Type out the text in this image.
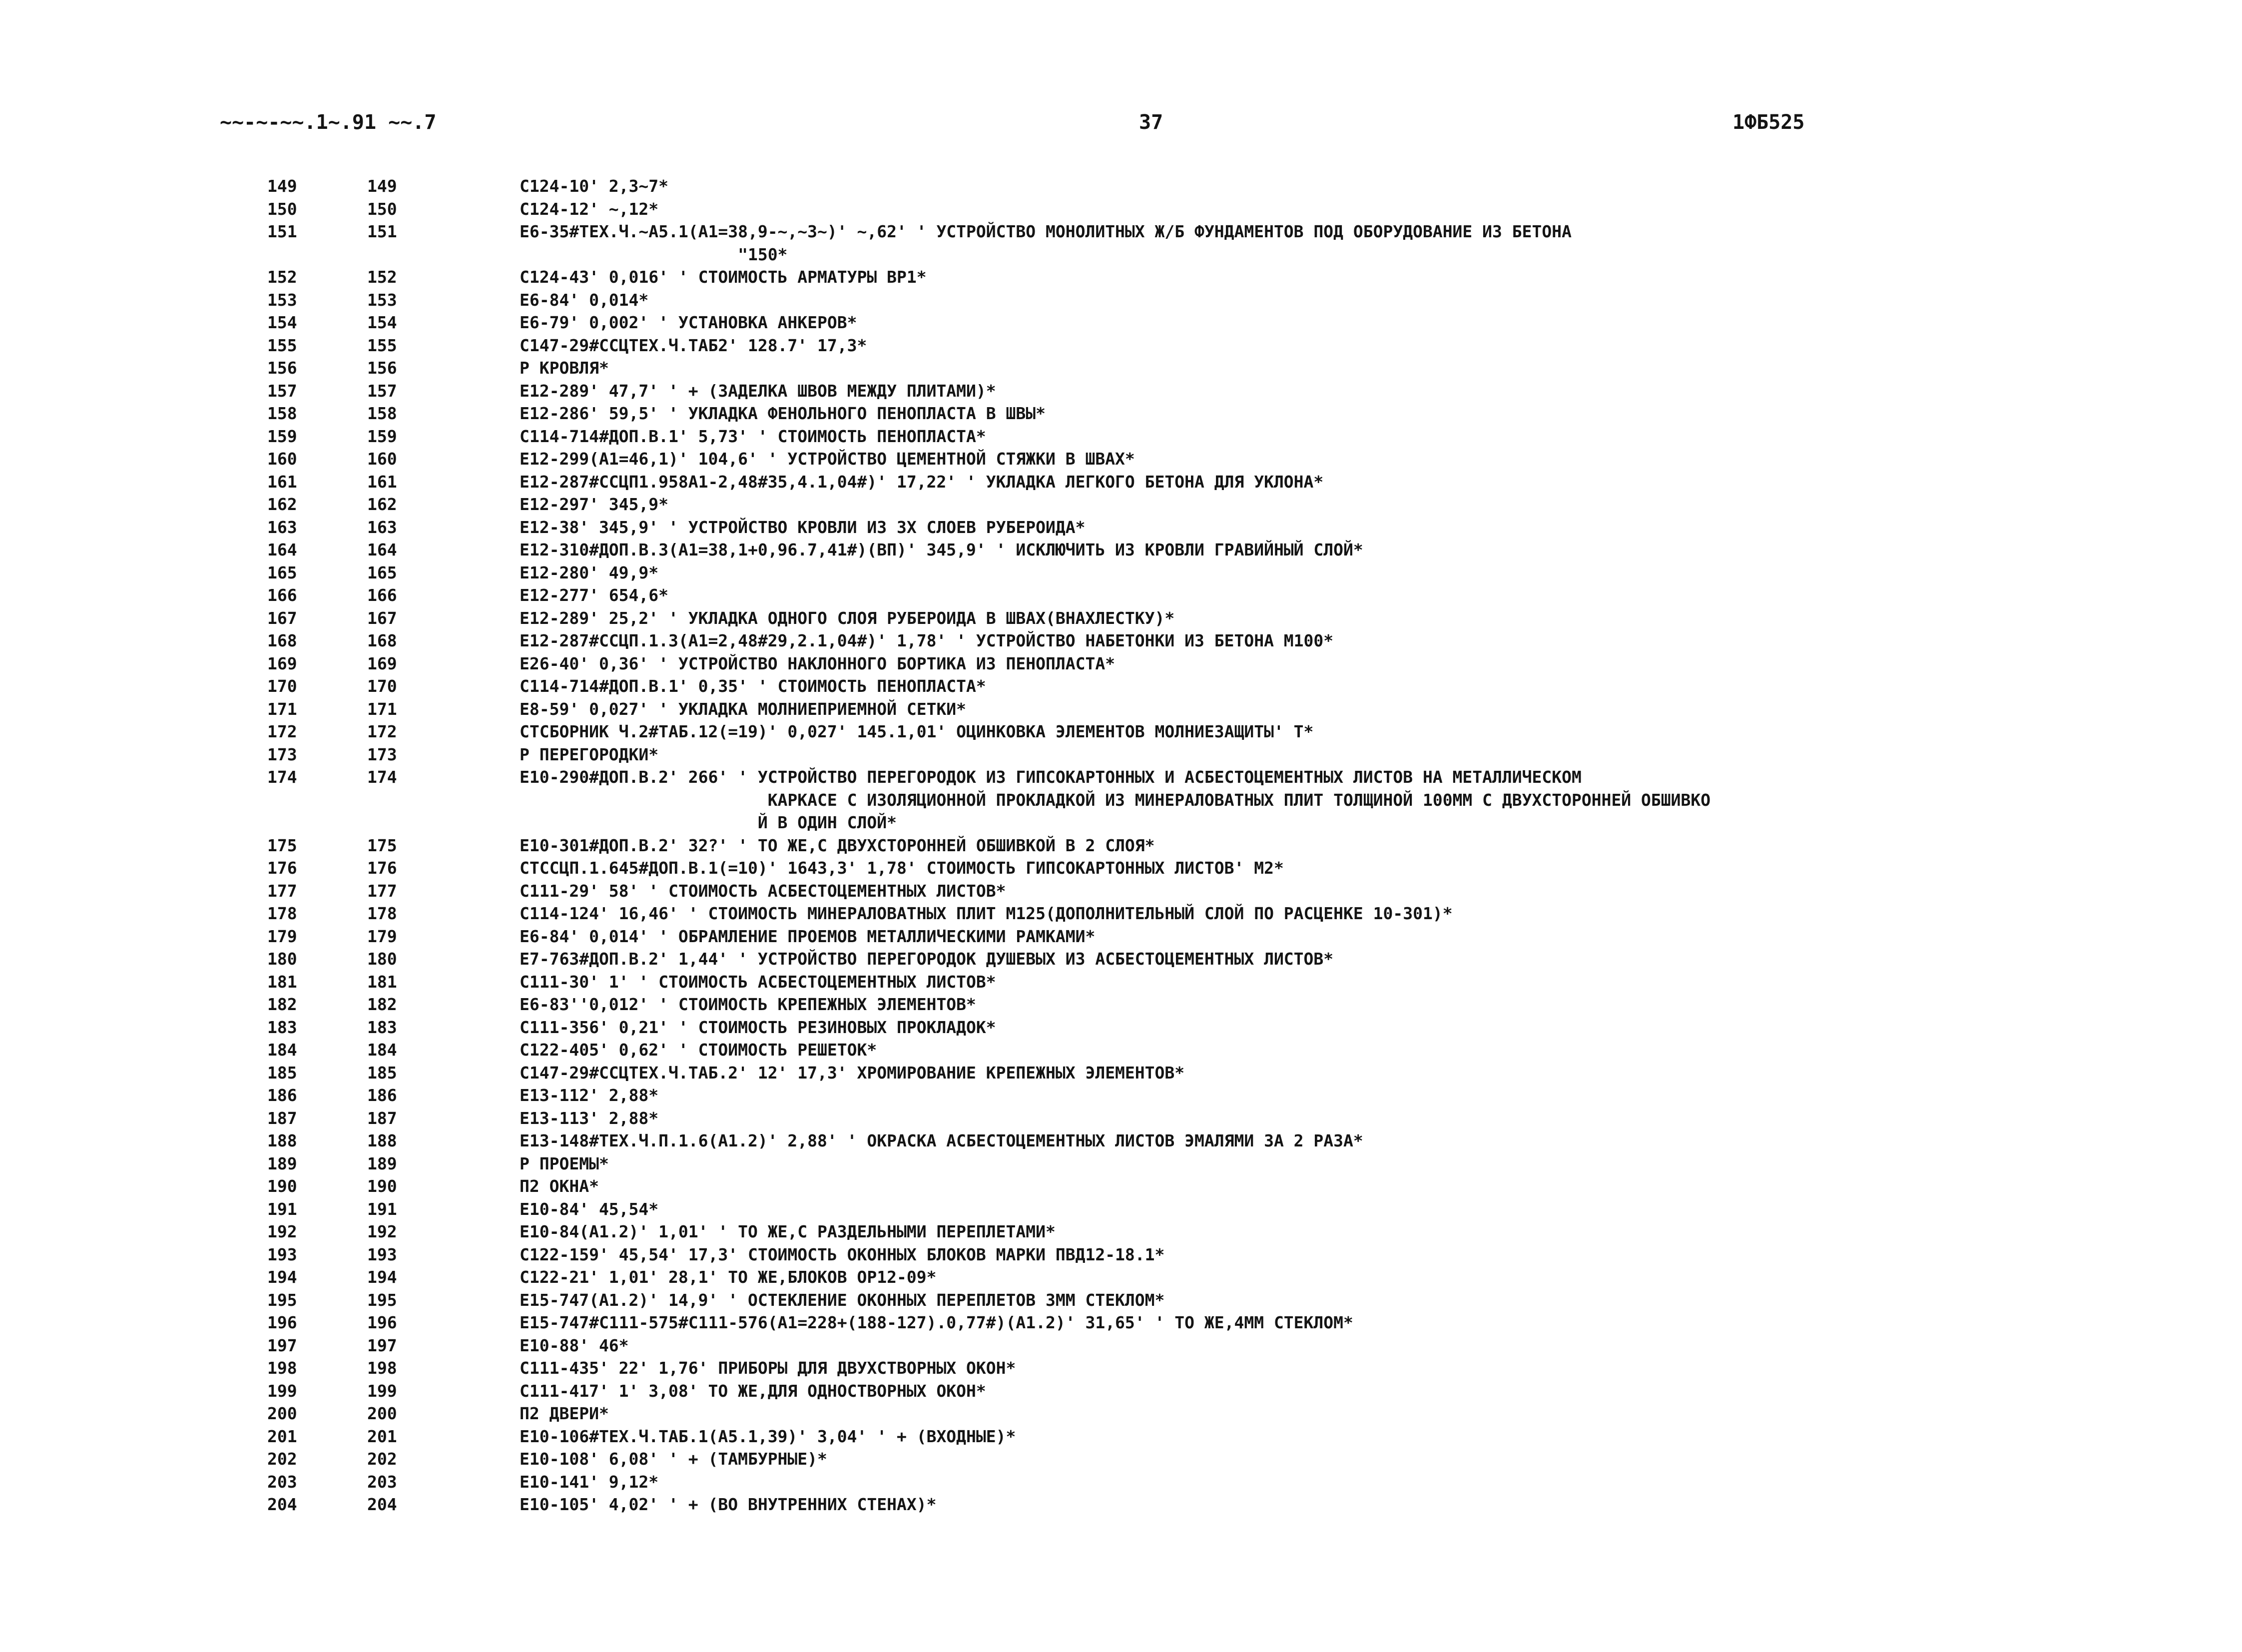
~~-~-~~.1~.91 ~~.7	37	1ФБ525
149	149	С124-10' 2,3~7*
150	150	С124-12' ~,12*
151	151	Е6-35#ТЕХ.Ч.~А5.1(А1=38,9-~,~3~)' ~,62' ' УСТРОЙСТВО МОНОЛИТНЫХ Ж/Б ФУНДАМЕНТОВ ПОД ОБОРУДОВАНИЕ ИЗ БЕТОНА
"150*
152	152	С124-43' 0,016' ' СТОИМОСТЬ АРМАТУРЫ ВР1*
153	153	Е6-84' 0,014*
154	154	Е6-79' 0,002' ' УСТАНОВКА АНКЕРОВ*
155	155	С147-29#ССЦТЕХ.Ч.ТАБ2' 128.7' 17,3*
156	156	Р КРОВЛЯ*
157	157	Е12-289' 47,7' ' + (ЗАДЕЛКА ШВОВ МЕЖДУ ПЛИТАМИ)*
158	158	Е12-286' 59,5' ' УКЛАДКА ФЕНОЛЬНОГО ПЕНОПЛАСТА В ШВЫ*
159	159	С114-714#ДОП.В.1' 5,73' ' СТОИМОСТЬ ПЕНОПЛАСТА*
160	160	Е12-299(А1=46,1)' 104,6' ' УСТРОЙСТВО ЦЕМЕНТНОЙ СТЯЖКИ В ШВАХ*
161	161	Е12-287#ССЦП1.958А1-2,48#35,4.1,04#)' 17,22' ' УКЛАДКА ЛЕГКОГО БЕТОНА ДЛЯ УКЛОНА*
162	162	Е12-297' 345,9*
163	163	Е12-38' 345,9' ' УСТРОЙСТВО КРОВЛИ ИЗ 3Х СЛОЕВ РУБЕРОИДА*
164	164	Е12-310#ДОП.В.3(А1=38,1+0,96.7,41#)(ВП)' 345,9' ' ИСКЛЮЧИТЬ ИЗ КРОВЛИ ГРАВИЙНЫЙ СЛОЙ*
165	165	Е12-280' 49,9*
166	166	Е12-277' 654,6*
167	167	Е12-289' 25,2' ' УКЛАДКА ОДНОГО СЛОЯ РУБЕРОИДА В ШВАХ(ВНАХЛЕСТКУ)*
168	168	Е12-287#ССЦП.1.3(А1=2,48#29,2.1,04#)' 1,78' ' УСТРОЙСТВО НАБЕТОНКИ ИЗ БЕТОНА М100*
169	169	Е26-40' 0,36' ' УСТРОЙСТВО НАКЛОННОГО БОРТИКА ИЗ ПЕНОПЛАСТА*
170	170	С114-714#ДОП.В.1' 0,35' ' СТОИМОСТЬ ПЕНОПЛАСТА*
171	171	Е8-59' 0,027' ' УКЛАДКА МОЛНИЕПРИЕМНОЙ СЕТКИ*
172	172	СТСБОРНИК Ч.2#ТАБ.12(=19)' 0,027' 145.1,01' ОЦИНКОВКА ЭЛЕМЕНТОВ МОЛНИЕЗАЩИТЫ' Т*
173	173	Р ПЕРЕГОРОДКИ*
174	174	Е10-290#ДОП.В.2' 266' ' УСТРОЙСТВО ПЕРЕГОРОДОК ИЗ ГИПСОКАРТОННЫХ И АСБЕСТОЦЕМЕНТНЫХ ЛИСТОВ НА МЕТАЛЛИЧЕСКОМ
КАРКАСЕ С ИЗОЛЯЦИОННОЙ ПРОКЛАДКОЙ ИЗ МИНЕРАЛОВАТНЫХ ПЛИТ ТОЛЩИНОЙ 100ММ С ДВУХСТОРОННЕЙ ОБШИВКО
Й В ОДИН СЛОЙ*
175	175	Е10-301#ДОП.В.2' 32?' ' ТО ЖЕ,С ДВУХСТОРОННЕЙ ОБШИВКОЙ В 2 СЛОЯ*
176	176	СТССЦП.1.645#ДОП.В.1(=10)' 1643,3' 1,78' СТОИМОСТЬ ГИПСОКАРТОННЫХ ЛИСТОВ' М2*
177	177	С111-29' 58' ' СТОИМОСТЬ АСБЕСТОЦЕМЕНТНЫХ ЛИСТОВ*
178	178	С114-124' 16,46' ' СТОИМОСТЬ МИНЕРАЛОВАТНЫХ ПЛИТ М125(ДОПОЛНИТЕЛЬНЫЙ СЛОЙ ПО РАСЦЕНКЕ 10-301)*
179	179	Е6-84' 0,014' ' ОБРАМЛЕНИЕ ПРОЕМОВ МЕТАЛЛИЧЕСКИМИ РАМКАМИ*
180	180	Е7-763#ДОП.В.2' 1,44' ' УСТРОЙСТВО ПЕРЕГОРОДОК ДУШЕВЫХ ИЗ АСБЕСТОЦЕМЕНТНЫХ ЛИСТОВ*
181	181	С111-30' 1' ' СТОИМОСТЬ АСБЕСТОЦЕМЕНТНЫХ ЛИСТОВ*
182	182	Е6-83''0,012' ' СТОИМОСТЬ КРЕПЕЖНЫХ ЭЛЕМЕНТОВ*
183	183	С111-356' 0,21' ' СТОИМОСТЬ РЕЗИНОВЫХ ПРОКЛАДОК*
184	184	С122-405' 0,62' ' СТОИМОСТЬ РЕШЕТОК*
185	185	С147-29#ССЦТЕХ.Ч.ТАБ.2' 12' 17,3' ХРОМИРОВАНИЕ КРЕПЕЖНЫХ ЭЛЕМЕНТОВ*
186	186	Е13-112' 2,88*
187	187	Е13-113' 2,88*
188	188	Е13-148#ТЕХ.Ч.П.1.6(А1.2)' 2,88' ' ОКРАСКА АСБЕСТОЦЕМЕНТНЫХ ЛИСТОВ ЭМАЛЯМИ ЗА 2 РАЗА*
189	189	Р ПРОЕМЫ*
190	190	П2 ОКНА*
191	191	Е10-84' 45,54*
192	192	Е10-84(А1.2)' 1,01' ' ТО ЖЕ,С РАЗДЕЛЬНЫМИ ПЕРЕПЛЕТАМИ*
193	193	С122-159' 45,54' 17,3' СТОИМОСТЬ ОКОННЫХ БЛОКОВ МАРКИ ПВД12-18.1*
194	194	С122-21' 1,01' 28,1' ТО ЖЕ,БЛОКОВ ОР12-09*
195	195	Е15-747(А1.2)' 14,9' ' ОСТЕКЛЕНИЕ ОКОННЫХ ПЕРЕПЛЕТОВ 3ММ СТЕКЛОМ*
196	196	Е15-747#С111-575#С111-576(А1=228+(188-127).0,77#)(А1.2)' 31,65' ' ТО ЖЕ,4ММ СТЕКЛОМ*
197	197	Е10-88' 46*
198	198	С111-435' 22' 1,76' ПРИБОРЫ ДЛЯ ДВУХСТВОРНЫХ ОКОН*
199	199	С111-417' 1' 3,08' ТО ЖЕ,ДЛЯ ОДНОСТВОРНЫХ ОКОН*
200	200	П2 ДВЕРИ*
201	201	Е10-106#ТЕХ.Ч.ТАБ.1(А5.1,39)' 3,04' ' + (ВХОДНЫЕ)*
202	202	Е10-108' 6,08' ' + (ТАМБУРНЫЕ)*
203	203	Е10-141' 9,12*
204	204	Е10-105' 4,02' ' + (ВО ВНУТРЕННИХ СТЕНАХ)*
